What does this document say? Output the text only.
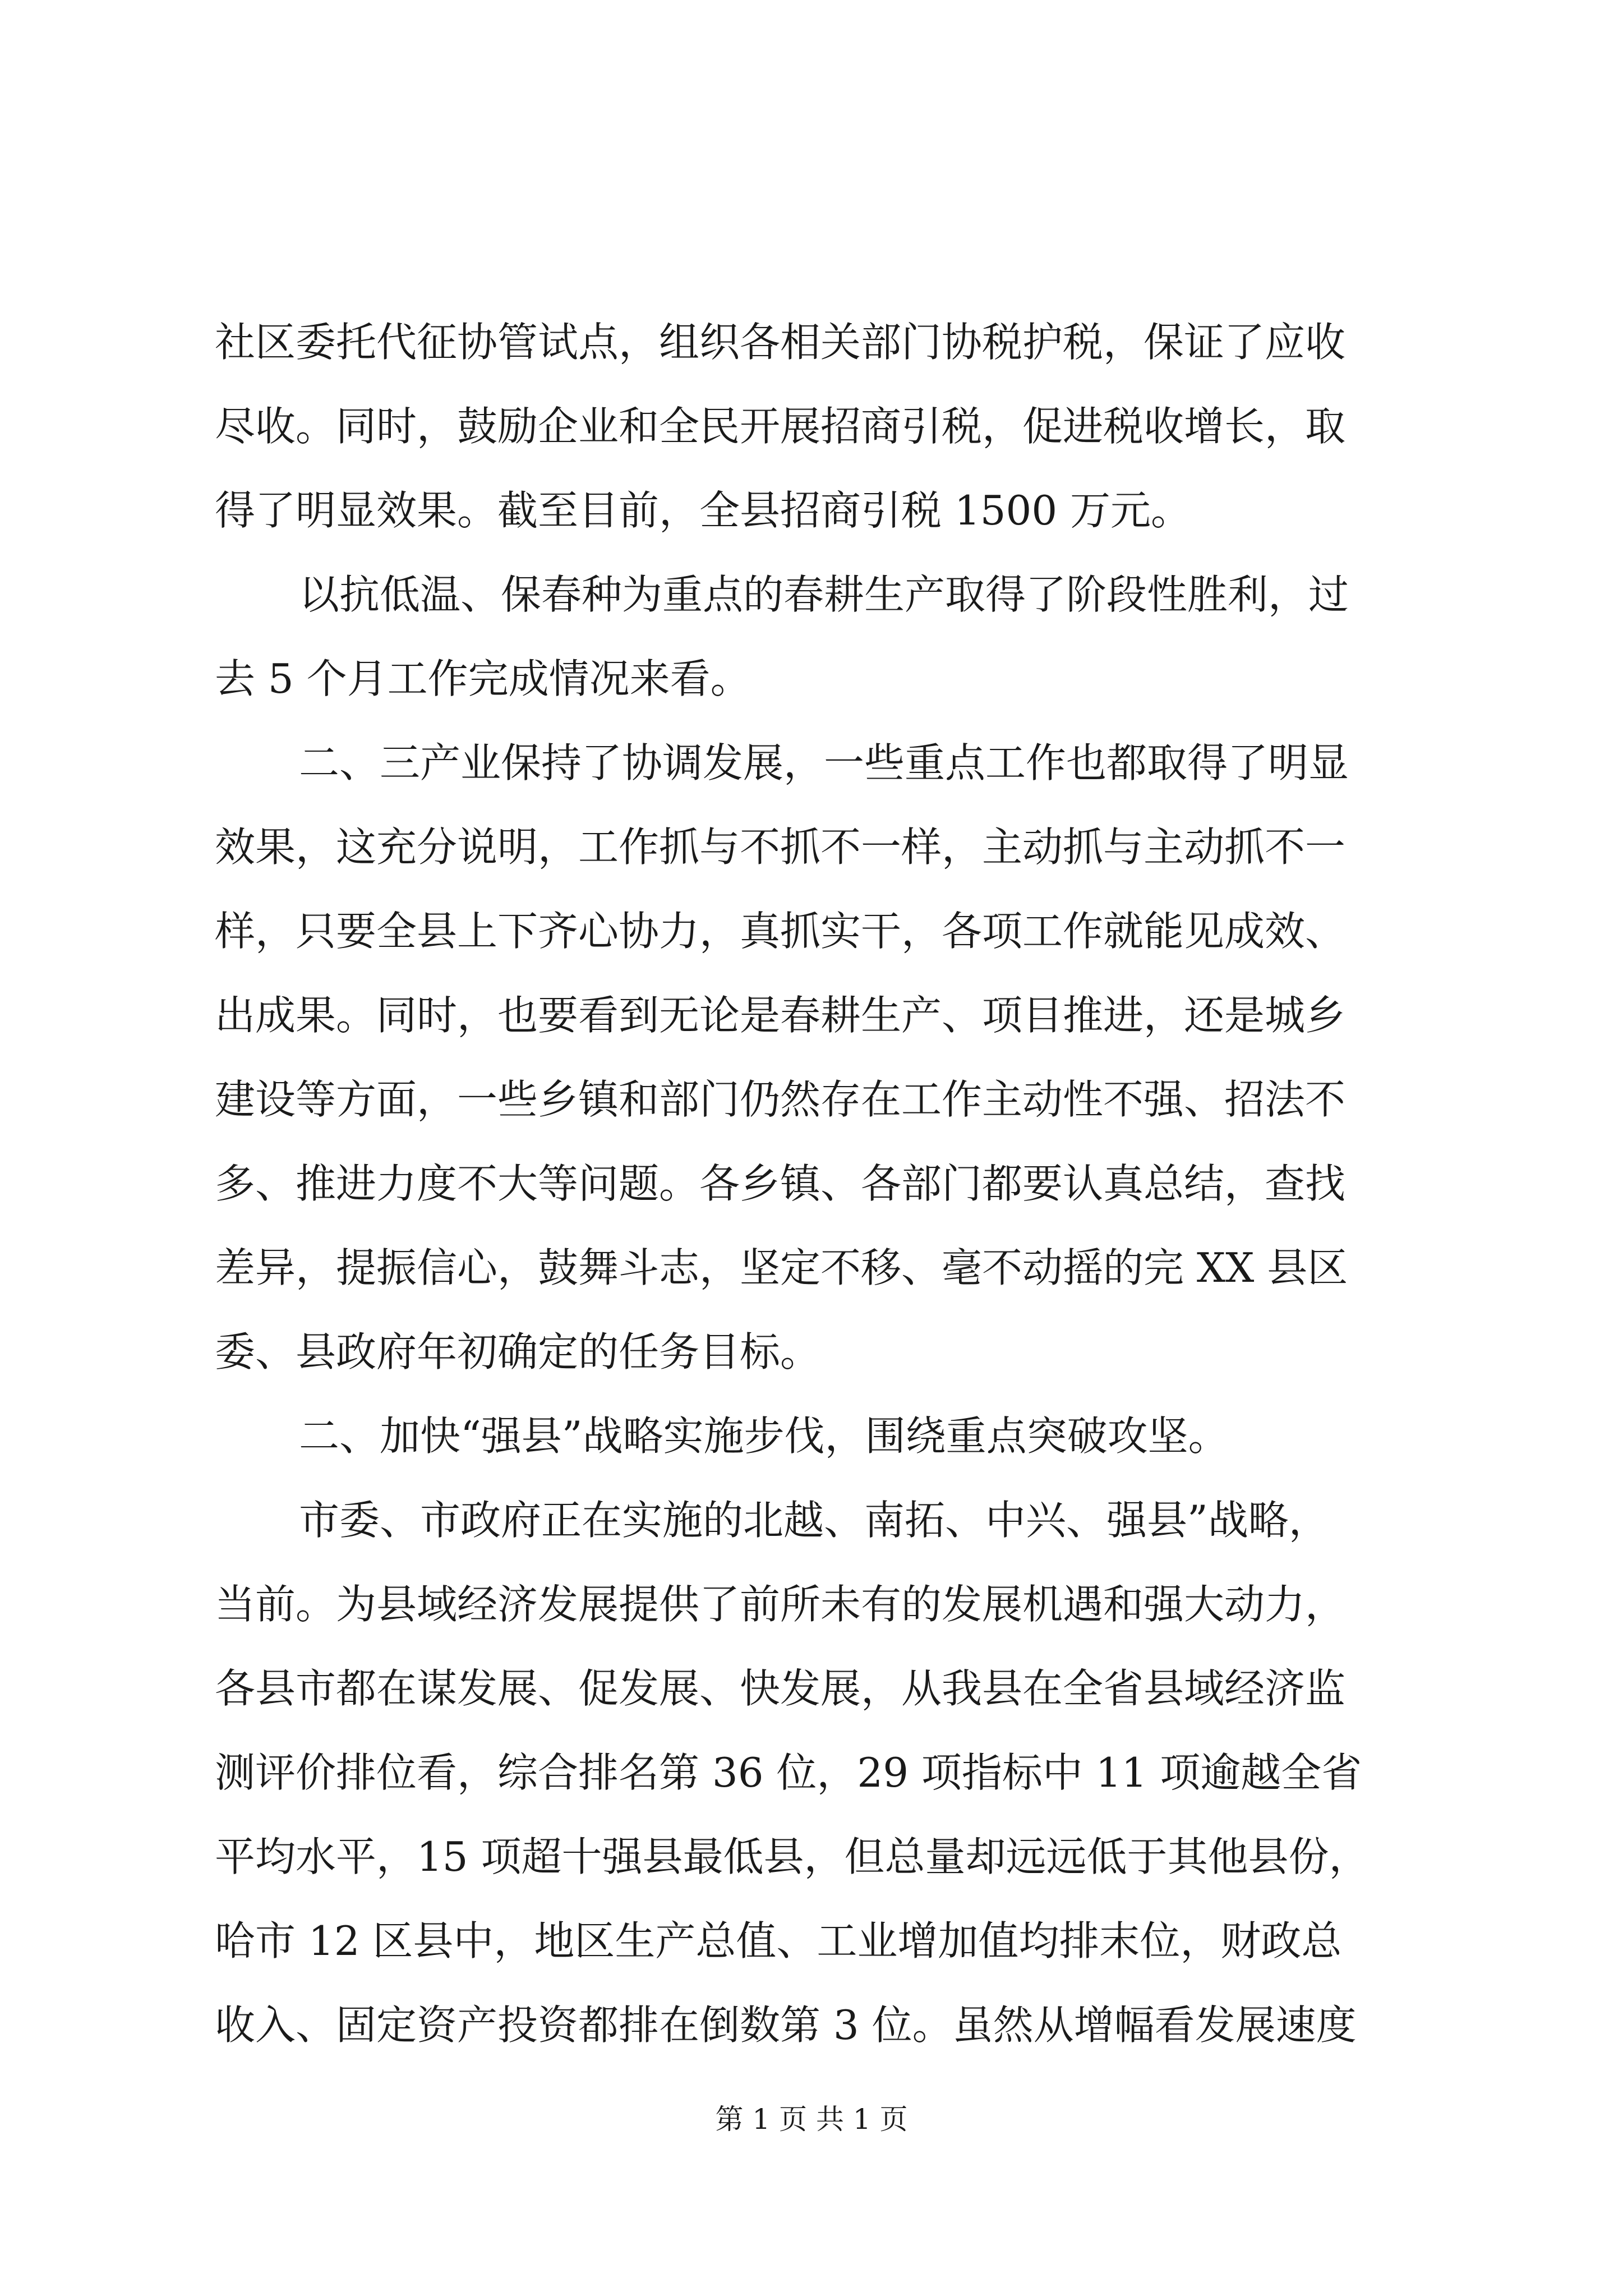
社区委托代征协管试点，组织各相关部门协税护税，保证了应收
尽收。同时，鼓励企业和全民开展招商引税，促进税收增长，取
得了明显效果。截至目前，全县招商引税 1500 万元。
以抗低温、保春种为重点的春耕生产取得了阶段性胜利，过
去 5 个月工作完成情况来看。
二、三产业保持了协调发展，一些重点工作也都取得了明显
效果，这充分说明，工作抓与不抓不一样，主动抓与主动抓不一
样，只要全县上下齐心协力，真抓实干，各项工作就能见成效、
出成果。同时，也要看到无论是春耕生产、项目推进，还是城乡
建设等方面，一些乡镇和部门仍然存在工作主动性不强、招法不
多、推进力度不大等问题。各乡镇、各部门都要认真总结，查找
差异，提振信心，鼓舞斗志，坚定不移、毫不动摇的完 XX 县区
委、县政府年初确定的任务目标。
二、加快“强县”战略实施步伐，围绕重点突破攻坚。
市委、市政府正在实施的北越、南拓、中兴、强县”战略，
当前。为县域经济发展提供了前所未有的发展机遇和强大动力，
各县市都在谋发展、促发展、快发展，从我县在全省县域经济监
测评价排位看，综合排名第 36 位，29 项指标中 11 项逾越全省
平均水平，15 项超十强县最低县，但总量却远远低于其他县份，
哈市 12 区县中，地区生产总值、工业增加值均排末位，财政总
收入、固定资产投资都排在倒数第 3 位。虽然从增幅看发展速度
第 1 页 共 1 页
